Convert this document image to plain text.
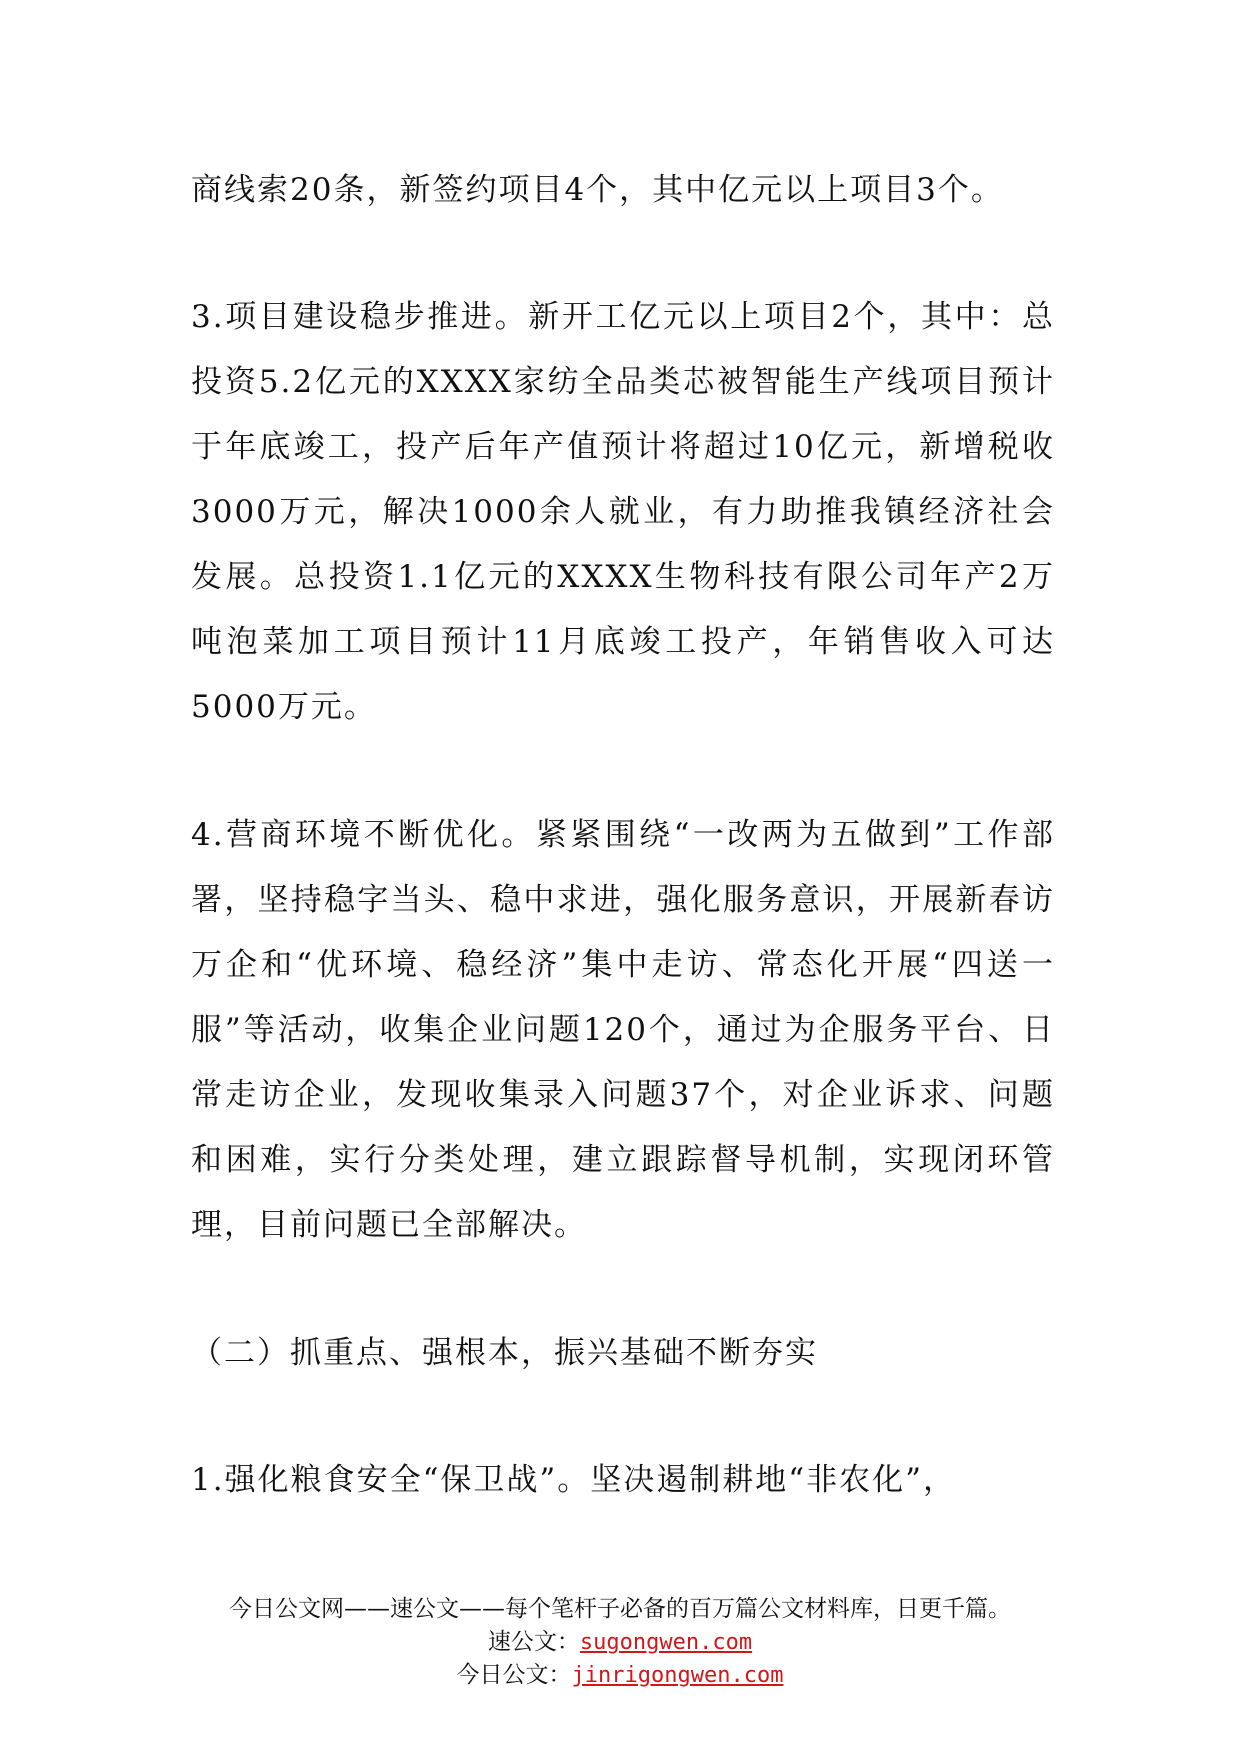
商线索20条，新签约项目4个，其中亿元以上项目3个。

3.项目建设稳步推进。新开工亿元以上项目2个，其中：总投资5.2亿元的XXXX家纺全品类芯被智能生产线项目预计于年底竣工，投产后年产值预计将超过10亿元，新增税收3000万元，解决1000余人就业，有力助推我镇经济社会发展。总投资1.1亿元的XXXX生物科技有限公司年产2万吨泡菜加工项目预计11月底竣工投产，年销售收入可达5000万元。

4.营商环境不断优化。紧紧围绕“一改两为五做到”工作部署，坚持稳字当头、稳中求进，强化服务意识，开展新春访万企和“优环境、稳经济”集中走访、常态化开展“四送一服”等活动，收集企业问题120个，通过为企服务平台、日常走访企业，发现收集录入问题37个，对企业诉求、问题和困难，实行分类处理，建立跟踪督导机制，实现闭环管理，目前问题已全部解决。

（二）抓重点、强根本，振兴基础不断夯实

1.强化粮食安全“保卫战”。坚决遏制耕地“非农化”，

今日公文网——速公文——每个笔杆子必备的百万篇公文材料库，日更千篇。

速公文：sugongwen.com

今日公文：jinrigongwen.com
